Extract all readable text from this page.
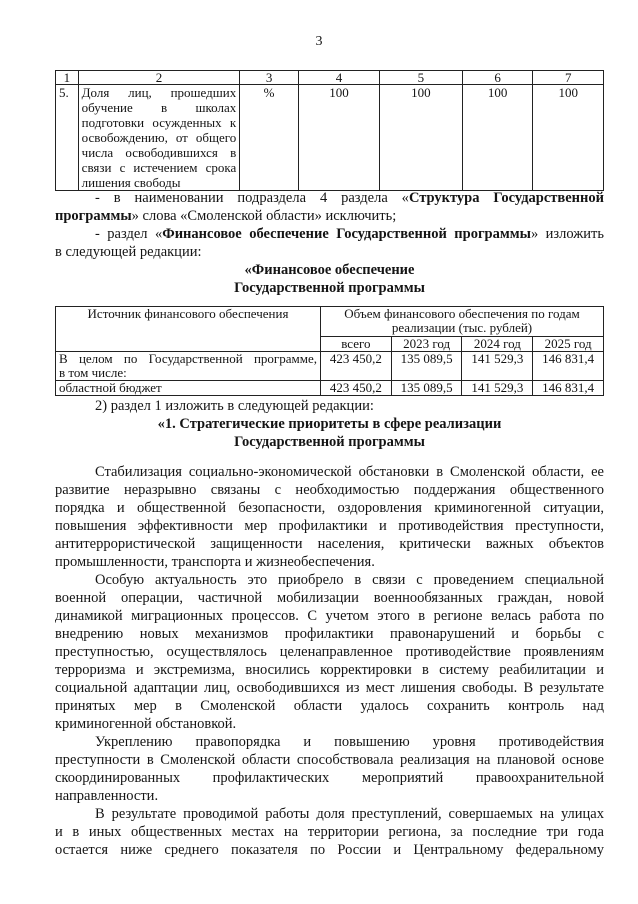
3
1	2	3	4	5	6	7
5.	Доля лиц, прошедших обучение в школах подготовки осужденных к освобождению, от общего числа освободившихся в связи с истечением срока лишения свободы	%	100	100	100	100
- в наименовании подраздела 4 раздела «Структура Государственной
программы» слова «Смоленской области» исключить;
- раздел «Финансовое обеспечение Государственной программы» изложить
в следующей редакции:
«Финансовое обеспечение
Государственной программы
Источник финансового обеспечения	Объем финансового обеспечения по годам реализации (тыс. рублей)			
	всего	2023 год	2024 год	2025 год

В целом по Государственной программе,
в том числе:	423 450,2	135 089,5	141 529,3	146 831,4
областной бюджет	423 450,2	135 089,5	141 529,3	146 831,4
2) раздел 1 изложить в следующей редакции:
«1. Стратегические приоритеты в сфере реализации
Государственной программы
Стабилизация социально-экономической обстановки в Смоленской области, ее
развитие неразрывно связаны с необходимостью поддержания общественного
порядка и общественной безопасности, оздоровления криминогенной ситуации,
повышения эффективности мер профилактики и противодействия преступности,
антитеррористической защищенности населения, критически важных объектов
промышленности, транспорта и жизнеобеспечения.
Особую актуальность это приобрело в связи с проведением специальной
военной операции, частичной мобилизации военнообязанных граждан, новой
динамикой миграционных процессов. С учетом этого в регионе велась работа по
внедрению новых механизмов профилактики правонарушений и борьбы с
преступностью, осуществлялось целенаправленное противодействие проявлениям
терроризма и экстремизма, вносились корректировки в систему реабилитации и
социальной адаптации лиц, освободившихся из мест лишения свободы. В результате
принятых мер в Смоленской области удалось сохранить контроль над
криминогенной обстановкой.
Укреплению правопорядка и повышению уровня противодействия
преступности в Смоленской области способствовала реализация на плановой основе
скоординированных профилактических мероприятий правоохранительной
направленности.
В результате проводимой работы доля преступлений, совершаемых на улицах
и в иных общественных местах на территории региона, за последние три года
остается ниже среднего показателя по России и Центральному федеральному
